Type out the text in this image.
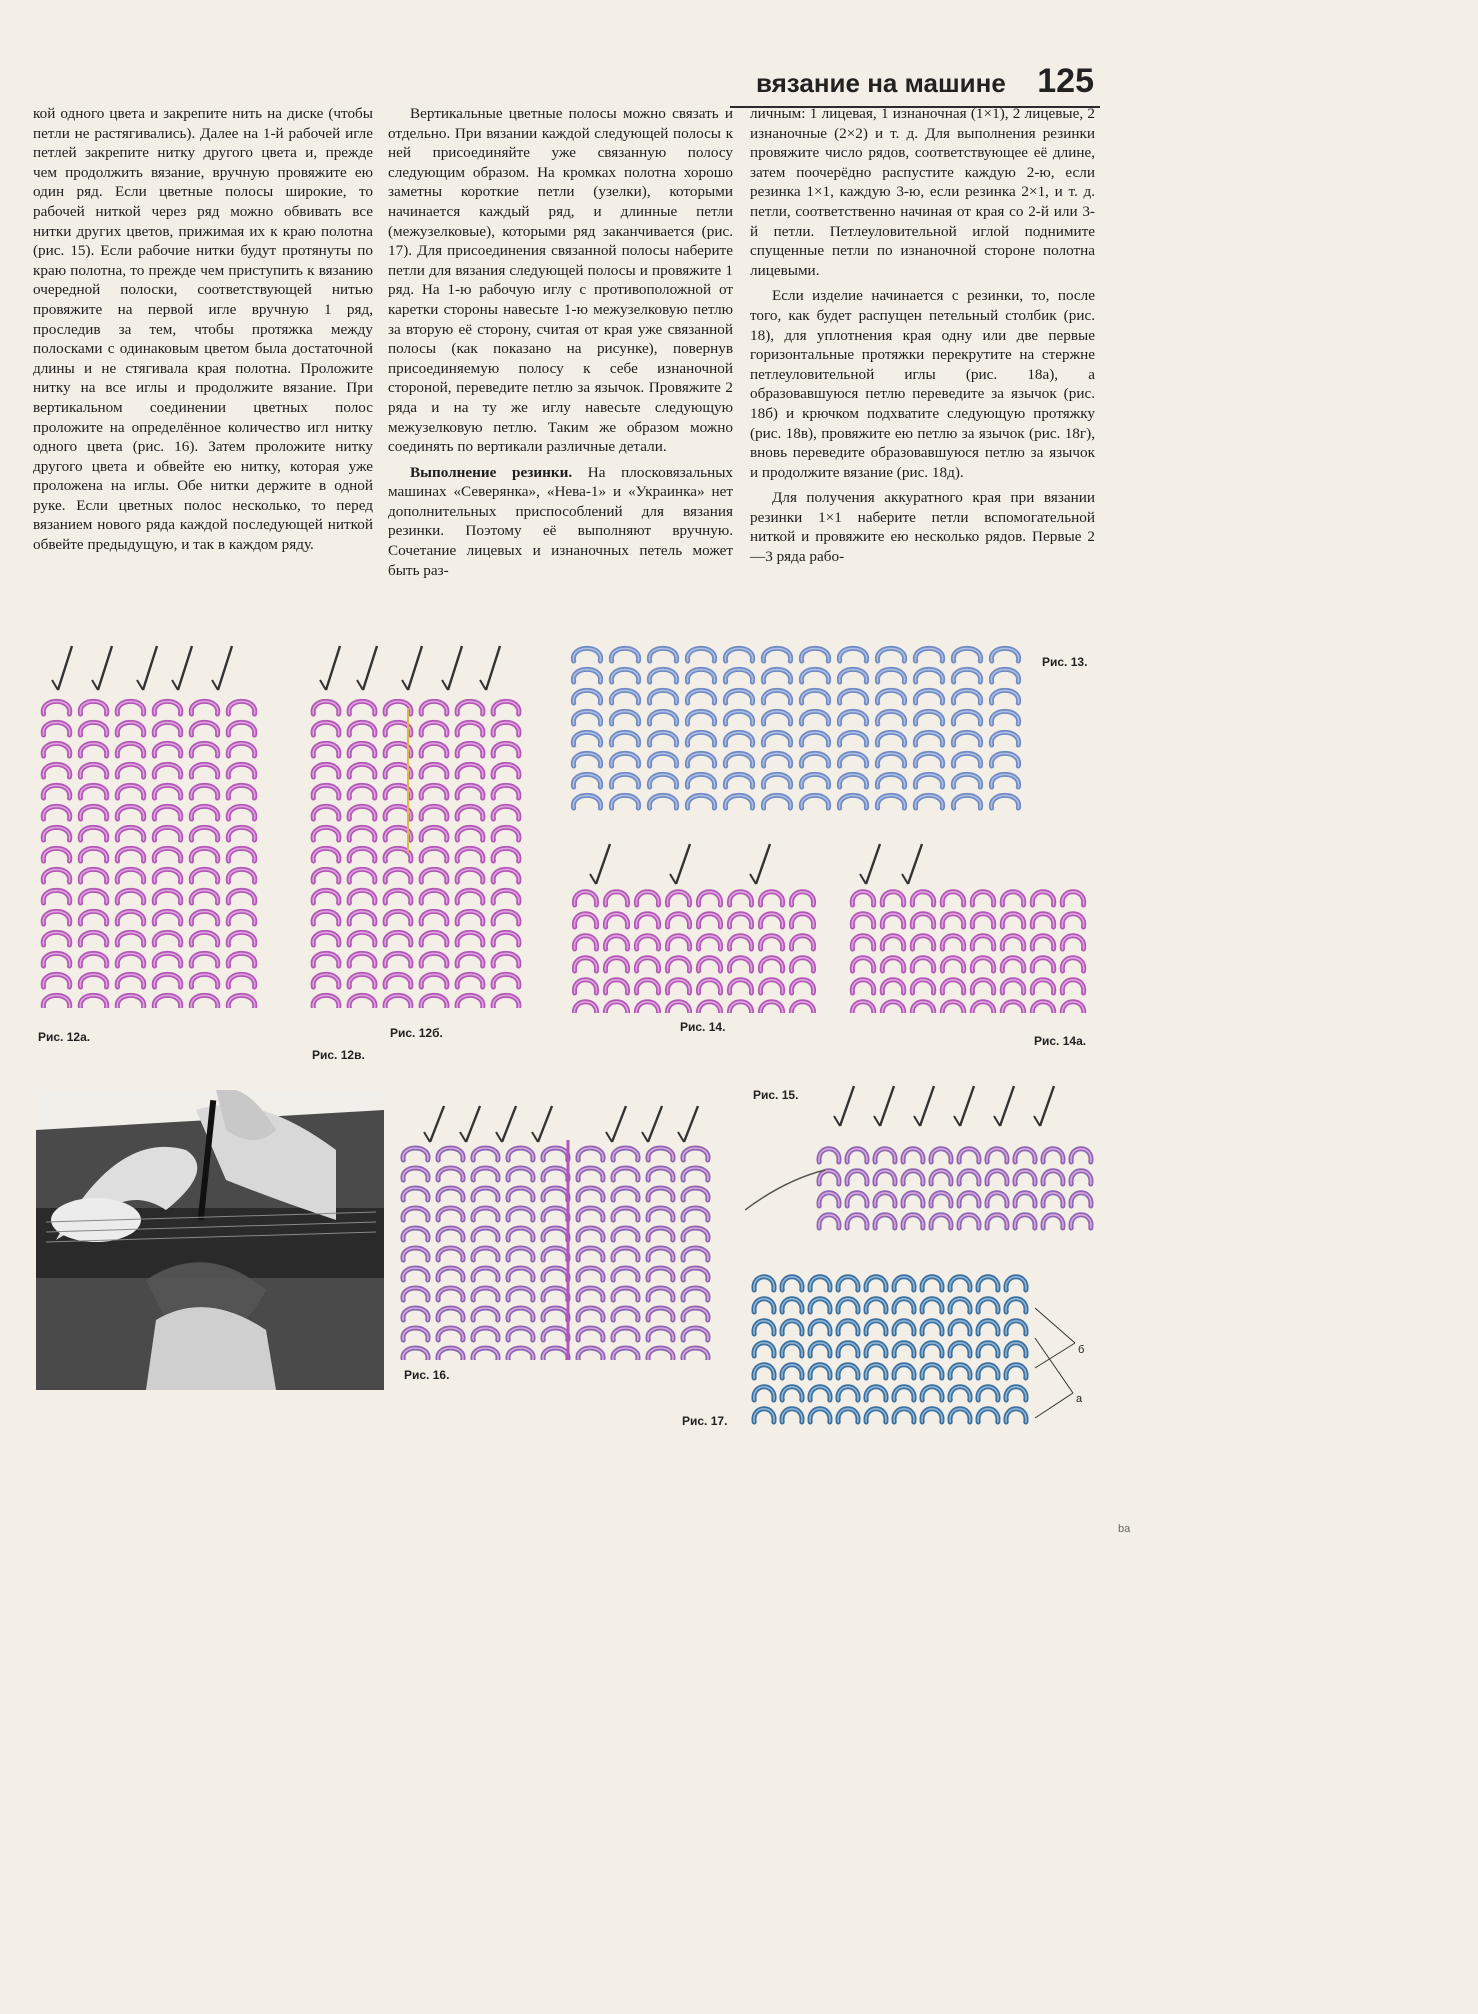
вязание на машине 125

кой одного цвета и закрепите нить на диске (чтобы петли не растягивались). Далее на 1-й рабочей игле петлей закрепите нитку другого цвета и, прежде чем продолжить вязание, вручную провяжите ею один ряд. Если цветные полосы широкие, то рабочей ниткой через ряд можно обвивать все нитки других цветов, прижимая их к краю полотна (рис. 15). Если рабочие нитки будут протянуты по краю полотна, то прежде чем приступить к вязанию очередной полоски, соответствующей нитью провяжите на первой игле вручную 1 ряд, проследив за тем, чтобы протяжка между полосками с одинаковым цветом была достаточной длины и не стягивала края полотна. Проложите нитку на все иглы и продолжите вязание. При вертикальном соединении цветных полос проложите на определённое количество игл нитку одного цвета (рис. 16). Затем проложите нитку другого цвета и обвейте ею нитку, которая уже проложена на иглы. Обе нитки держите в одной руке. Если цветных полос несколько, то перед вязанием нового ряда каждой последующей ниткой обвейте предыдущую, и так в каждом ряду.

Вертикальные цветные полосы можно связать и отдельно. При вязании каждой следующей полосы к ней присоединяйте уже связанную полосу следующим образом. На кромках полотна хорошо заметны короткие петли (узелки), которыми начинается каждый ряд, и длинные петли (межузелковые), которыми ряд заканчивается (рис. 17). Для присоединения связанной полосы наберите петли для вязания следующей полосы и провяжите 1 ряд. На 1-ю рабочую иглу с противоположной от каретки стороны навесьте 1-ю межузелковую петлю за вторую её сторону, считая от края уже связанной полосы (как показано на рисунке), повернув присоединяемую полосу к себе изнаночной стороной, переведите петлю за язычок. Провяжите 2 ряда и на ту же иглу навесьте следующую межузелковую петлю. Таким же образом можно соединять по вертикали различные детали.

Выполнение резинки. На плосковязальных машинах «Северянка», «Нева-1» и «Украинка» нет дополнительных приспособлений для вязания резинки. Поэтому её выполняют вручную. Сочетание лицевых и изнаночных петель может быть раз-

личным: 1 лицевая, 1 изнаночная (1×1), 2 лицевые, 2 изнаночные (2×2) и т. д. Для выполнения резинки провяжите число рядов, соответствующее её длине, затем поочерёдно распустите каждую 2-ю, если резинка 1×1, каждую 3-ю, если резинка 2×1, и т. д. петли, соответственно начиная от края со 2-й или 3-й петли. Петлеуловительной иглой поднимите спущенные петли по изнаночной стороне полотна лицевыми.

Если изделие начинается с резинки, то, после того, как будет распущен петельный столбик (рис. 18), для уплотнения края одну или две первые горизонтальные протяжки перекрутите на стержне петлеуловительной иглы (рис. 18а), а образовавшуюся петлю переведите за язычок (рис. 18б) и крючком подхватите следующую протяжку (рис. 18в), провяжите ею петлю за язычок (рис. 18г), вновь переведите образовавшуюся петлю за язычок и продолжите вязание (рис. 18д).

Для получения аккуратного края при вязании резинки 1×1 наберите петли вспомогательной ниткой и провяжите ею несколько рядов. Первые 2—3 ряда рабо-

Рис. 12а.	Рис. 12б.
Рис. 12в.
Рис. 13.
Рис. 14.
Рис. 14а.
Рис. 15.
Рис. 16.
Рис. 17.
б
а
ba
